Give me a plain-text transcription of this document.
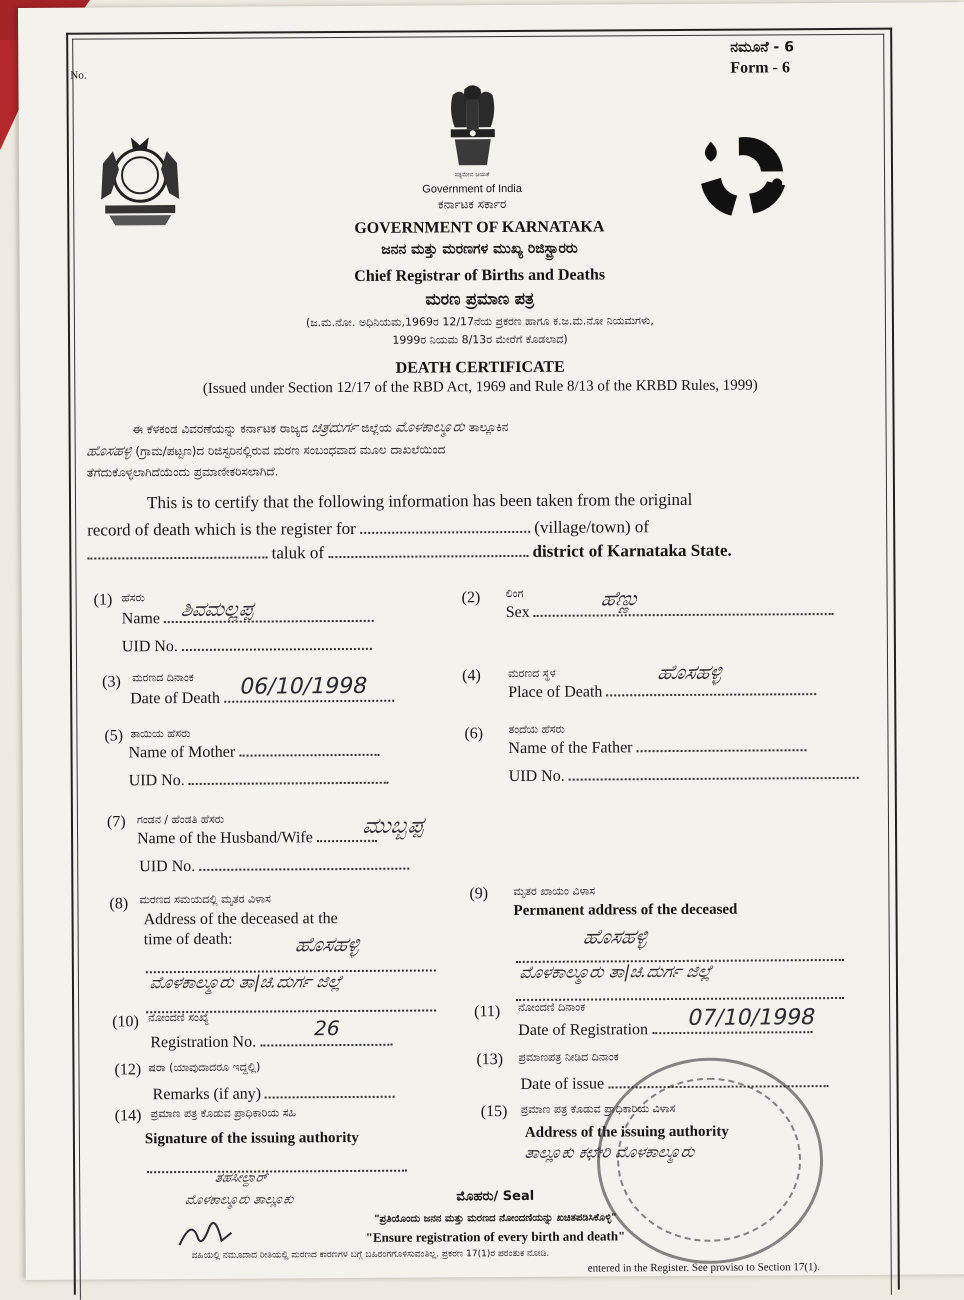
No.
ನಮೂನೆ - 6
Form - 6
ಸತ್ಯಮೇವ ಜಯತೆ
Government of India
ಕರ್ನಾಟಕ ಸರ್ಕಾರ
GOVERNMENT OF KARNATAKA
ಜನನ ಮತ್ತು ಮರಣಗಳ ಮುಖ್ಯ ರಿಜಿಸ್ಟ್ರಾರರು
Chief Registrar of Births and Deaths
ಮರಣ ಪ್ರಮಾಣ ಪತ್ರ
(ಜ.ಮ.ನೋ. ಅಧಿನಿಯಮ,1969ರ 12/17ನೆಯ ಪ್ರಕರಣ ಹಾಗೂ ಕ.ಜ.ಮ.ನೋ ನಿಯಮಗಳು,
1999ರ ನಿಯಮ 8/13ರ ಮೇರೆಗೆ ಕೊಡಲಾದ)
DEATH CERTIFICATE
(Issued under Section 12/17 of the RBD Act, 1969 and Rule 8/13 of the KRBD Rules, 1999)
ಈ ಕೆಳಕಂಡ ವಿವರಣೆಯನ್ನು ಕರ್ನಾಟಕ ರಾಜ್ಯದ ಚಿತ್ರದುರ್ಗ ಜಿಲ್ಲೆಯ ಮೊಳಕಾಲ್ಮೂರು ತಾಲ್ಲೂಕಿನ
ಹೊಸಹಳ್ಳಿ (ಗ್ರಾಮ/ಪಟ್ಟಣ)ದ ರಿಜಿಸ್ಟರಿನಲ್ಲಿರುವ ಮರಣ ಸಂಬಂಧವಾದ ಮೂಲ ದಾಖಲೆಯಿಂದ
ತೆಗೆದುಕೊಳ್ಳಲಾಗಿದೆಯೆಂದು ಪ್ರಮಾಣೀಕರಿಸಲಾಗಿದೆ.
This is to certify that the following information has been taken from the original
record of death which is the register for	(village/town) of
taluk of	district of Karnataka State.
(1) ಹೆಸರು
Name ಶಿವಮಲ್ಲಪ್ಪ
UID No.
(2) ಲಿಂಗ
Sex
ಹೆಣ್ಣು
(3) ಮರಣದ ದಿನಾಂಕ
Date of Death 06/10/1998	(4) ಮರಣದ ಸ್ಥಳ
Place of Death
ಹೊಸಹಳ್ಳಿ
(5) ತಾಯಿಯ ಹೆಸರು
Name of Mother
UID No.
(6) ತಂದೆಯ ಹೆಸರು
Name of the Father
UID No.
(7) ಗಂಡನ / ಹೆಂಡತಿ ಹೆಸರು
Name of the Husband/Wife	ಮುಬ್ಬಪ್ಪ
UID No.
(8) ಮರಣದ ಸಮಯದಲ್ಲಿ ಮೃತರ ವಿಳಾಸ
Address of the deceased at the
time of death:	ಹೊಸಹಳ್ಳಿ
ಮೊಳಕಾಲ್ಮೂರು ತಾ|ಚಿ.ದುರ್ಗ ಜಿಲ್ಲೆ
(9) ಮೃತರ ಖಾಯಂ ವಿಳಾಸ
Permanent address of the deceased
ಹೊಸಹಳ್ಳಿ
ಮೊಳಕಾಲ್ಮೂರು ತಾ|ಚಿ.ದುರ್ಗ ಜಿಲ್ಲೆ
(10) ನೋಂದಣಿ ಸಂಖ್ಯೆ
Registration No.
26
(11) ನೋಂದಣಿ ದಿನಾಂಕ
Date of Registration	07/10/1998
(12) ಷರಾ (ಯಾವುದಾದರೂ ಇದ್ದಲ್ಲಿ)
Remarks (if any)
(13) ಪ್ರಮಾಣಪತ್ರ ನೀಡಿದ ದಿನಾಂಕ
Date of issue
(14) ಪ್ರಮಾಣ ಪತ್ರ ಕೊಡುವ ಪ್ರಾಧಿಕಾರಿಯ ಸಹಿ
Signature of the issuing authority
ತಹಸೀಲ್ದಾರ್
ಮೊಳಕಾಲ್ಮೂರು ತಾಲ್ಲೂಕು
(15) ಪ್ರಮಾಣ ಪತ್ರ ಕೊಡುವ ಪ್ರಾಧಿಕಾರಿಯ ವಿಳಾಸ
Address of the issuing authority
ತಾಲ್ಲೂಕು ಕಛೇರಿ ಮೊಳಕಾಲ್ಮೂರು
ಮೊಹರು/ Seal
"ಪ್ರತಿಯೊಂದು ಜನನ ಮತ್ತು ಮರಣದ ನೋಂದಣಿಯನ್ನು ಖಚಿತಪಡಿಸಿಕೊಳ್ಳಿ"
"Ensure registration of every birth and death"
ವಹಿಯಲ್ಲಿ ನಮೂದಾದ ರೀತಿಯಲ್ಲಿ ಮರಣದ ಕಾರಣಗಳ ಬಗ್ಗೆ ಬಹಿರಂಗಗೊಳಿಸುವಂತಿಲ್ಲ. ಪ್ರಕರಣ 17(1)ರ ಪರಂತುಕ ನೋಡಿ.
entered in the Register. See proviso to Section 17(1).
